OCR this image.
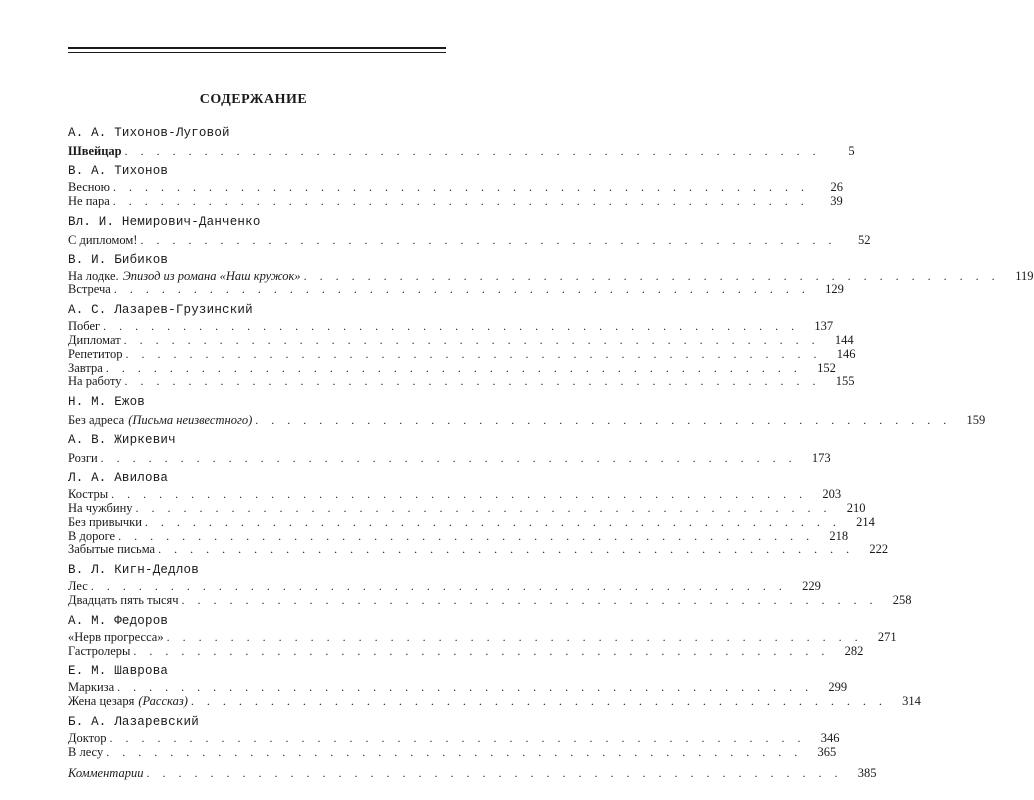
СОДЕРЖАНИЕ
А. А. Тихонов-Луговой
Швейцар . . . . . . . . . . . . . . . . . . . . . . . . . . . . . . . . . . . . . . . . . . . .	5
В. А. Тихонов
Весною . . . . . . . . . . . . . . . . . . . . . . . . . . . . . . . . . . . . . . . . . . . .	26
Не пара . . . . . . . . . . . . . . . . . . . . . . . . . . . . . . . . . . . . . . . . . . . .	39
Вл. И. Немирович-Данченко
С дипломом! . . . . . . . . . . . . . . . . . . . . . . . . . . . . . . . . . . . . . . . . . . . .	52
В. И. Бибиков
На лодке. Эпизод из романа «Наш кружок» . . . . . . . . . . . . . . . . . . . . . . . . . . . . . . . . . . . . . . . . . . . .	119
Встреча . . . . . . . . . . . . . . . . . . . . . . . . . . . . . . . . . . . . . . . . . . . .	129
А. С. Лазарев-Грузинский
Побег . . . . . . . . . . . . . . . . . . . . . . . . . . . . . . . . . . . . . . . . . . . .	137
Дипломат . . . . . . . . . . . . . . . . . . . . . . . . . . . . . . . . . . . . . . . . . . . .	144
Репетитор . . . . . . . . . . . . . . . . . . . . . . . . . . . . . . . . . . . . . . . . . . . .	146
Завтра . . . . . . . . . . . . . . . . . . . . . . . . . . . . . . . . . . . . . . . . . . . .	152
На работу . . . . . . . . . . . . . . . . . . . . . . . . . . . . . . . . . . . . . . . . . . . .	155
Н. М. Ежов
Без адреса (Письма неизвестного) . . . . . . . . . . . . . . . . . . . . . . . . . . . . . . . . . . . . . . . . . . . .	159
А. В. Жиркевич
Розги . . . . . . . . . . . . . . . . . . . . . . . . . . . . . . . . . . . . . . . . . . . .	173
Л. А. Авилова
Костры . . . . . . . . . . . . . . . . . . . . . . . . . . . . . . . . . . . . . . . . . . . .	203
На чужбину . . . . . . . . . . . . . . . . . . . . . . . . . . . . . . . . . . . . . . . . . . . .	210
Без привычки . . . . . . . . . . . . . . . . . . . . . . . . . . . . . . . . . . . . . . . . . . . .	214
В дороге . . . . . . . . . . . . . . . . . . . . . . . . . . . . . . . . . . . . . . . . . . . .	218
Забытые письма . . . . . . . . . . . . . . . . . . . . . . . . . . . . . . . . . . . . . . . . . . . .	222
В. Л. Кигн-Дедлов
Лес . . . . . . . . . . . . . . . . . . . . . . . . . . . . . . . . . . . . . . . . . . . .	229
Двадцать пять тысяч . . . . . . . . . . . . . . . . . . . . . . . . . . . . . . . . . . . . . . . . . . . .	258
А. М. Федоров
«Нерв прогресса» . . . . . . . . . . . . . . . . . . . . . . . . . . . . . . . . . . . . . . . . . . . .	271
Гастролеры . . . . . . . . . . . . . . . . . . . . . . . . . . . . . . . . . . . . . . . . . . . .	282
Е. М. Шаврова
Маркиза . . . . . . . . . . . . . . . . . . . . . . . . . . . . . . . . . . . . . . . . . . . .	299
Жена цезаря (Рассказ) . . . . . . . . . . . . . . . . . . . . . . . . . . . . . . . . . . . . . . . . . . . .	314
Б. А. Лазаревский
Доктор . . . . . . . . . . . . . . . . . . . . . . . . . . . . . . . . . . . . . . . . . . . .	346
В лесу . . . . . . . . . . . . . . . . . . . . . . . . . . . . . . . . . . . . . . . . . . . .	365
Комментарии . . . . . . . . . . . . . . . . . . . . . . . . . . . . . . . . . . . . . . . . . . . .	385
